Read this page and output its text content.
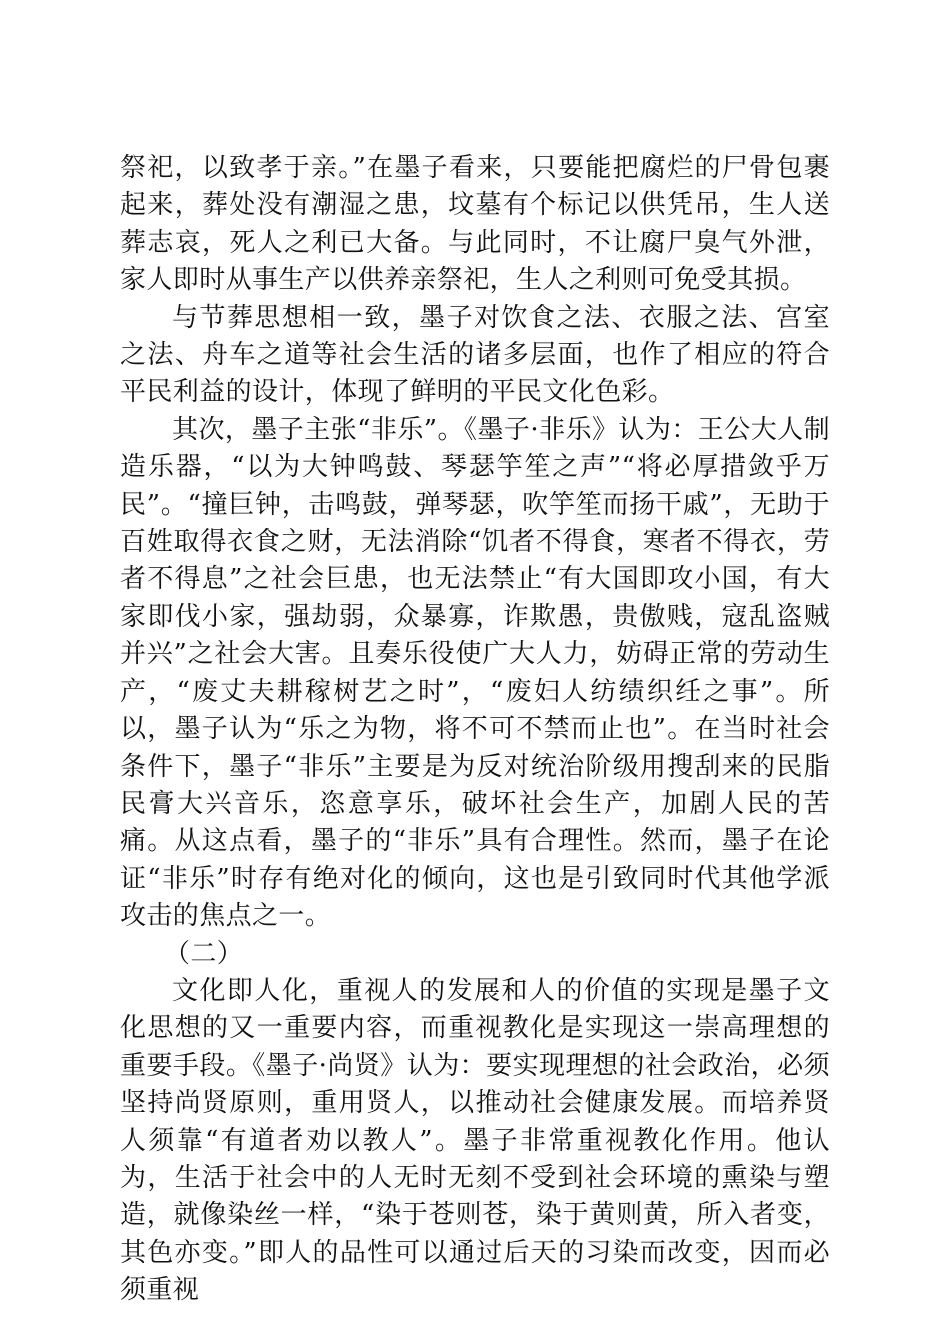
祭祀，以致孝于亲。”在墨子看来，只要能把腐烂的尸骨包裹起来，葬处没有潮湿之患，坟墓有个标记以供凭吊，生人送葬志哀，死人之利已大备。与此同时，不让腐尸臭气外泄，家人即时从事生产以供养亲祭祀，生人之利则可免受其损。

与节葬思想相一致，墨子对饮食之法、衣服之法、宫室之法、舟车之道等社会生活的诸多层面，也作了相应的符合平民利益的设计，体现了鲜明的平民文化色彩。

其次，墨子主张“非乐”。《墨子·非乐》认为：王公大人制造乐器，“以为大钟鸣鼓、琴瑟竽笙之声”“将必厚措敛乎万民”。“撞巨钟，击鸣鼓，弹琴瑟，吹竽笙而扬干戚”，无助于百姓取得衣食之财，无法消除“饥者不得食，寒者不得衣，劳者不得息”之社会巨患，也无法禁止“有大国即攻小国，有大家即伐小家，强劫弱，众暴寡，诈欺愚，贵傲贱，寇乱盗贼并兴”之社会大害。且奏乐役使广大人力，妨碍正常的劳动生产，“废丈夫耕稼树艺之时”，“废妇人纺绩织纴之事”。所以，墨子认为“乐之为物，将不可不禁而止也”。在当时社会条件下，墨子“非乐”主要是为反对统治阶级用搜刮来的民脂民膏大兴音乐，恣意享乐，破坏社会生产，加剧人民的苦痛。从这点看，墨子的“非乐”具有合理性。然而，墨子在论证“非乐”时存有绝对化的倾向，这也是引致同时代其他学派攻击的焦点之一。

（二）

文化即人化，重视人的发展和人的价值的实现是墨子文化思想的又一重要内容，而重视教化是实现这一崇高理想的重要手段。《墨子·尚贤》认为：要实现理想的社会政治，必须坚持尚贤原则，重用贤人，以推动社会健康发展。而培养贤人须靠“有道者劝以教人”。墨子非常重视教化作用。他认为，生活于社会中的人无时无刻不受到社会环境的熏染与塑造，就像染丝一样，“染于苍则苍，染于黄则黄，所入者变，其色亦变。”即人的品性可以通过后天的习染而改变，因而必须重视
